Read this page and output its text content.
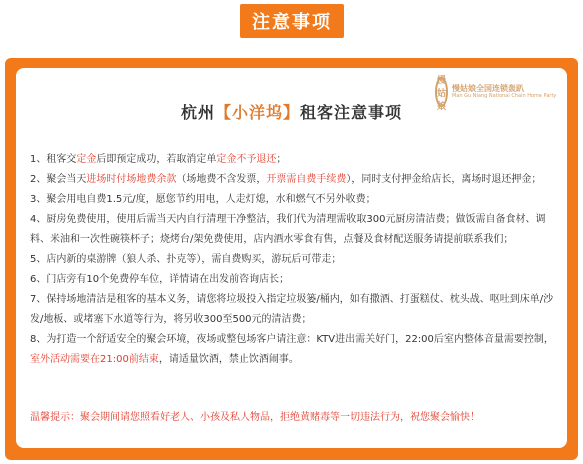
注意事项
慢姑娘
慢姑娘全国连锁轰趴
Man Gu Niang National Chain Home Party
杭州【小洋坞】租客注意事项

1、租客交定金后即预定成功，若取消定单定金不予退还；

2、聚会当天进场时付场地费余款（场地费不含发票，开票需自费手续费），同时支付押金给店长，离场时退还押金；

3、聚会用电自费1.5元/度，愿您节约用电，人走灯熄，水和燃气不另外收费；

4、厨房免费使用，使用后需当天内自行清理干净整洁，我们代为清理需收取300元厨房清洁费；做饭需自备食材、调料、米油和一次性碗筷杯子；烧烤台/架免费使用，店内酒水零食有售，点餐及食材配送服务请提前联系我们；

5、店内新的桌游牌（狼人杀、扑克等），需自费购买，游玩后可带走；

6、门店旁有10个免费停车位，详情请在出发前咨询店长；

7、保持场地清洁是租客的基本义务，请您将垃圾投入指定垃圾篓/桶内，如有撒酒、打蛋糕仗、枕头战、呕吐到床单/沙发/地板、或堵塞下水道等行为，将另收300至500元的清洁费；

8、为打造一个舒适安全的聚会环境，夜场或整包场客户请注意：KTV进出需关好门，22:00后室内整体音量需要控制，室外活动需要在21:00前结束，请适量饮酒，禁止饮酒闹事。

温馨提示：聚会期间请您照看好老人、小孩及私人物品，拒绝黄赌毒等一切违法行为，祝您聚会愉快！
